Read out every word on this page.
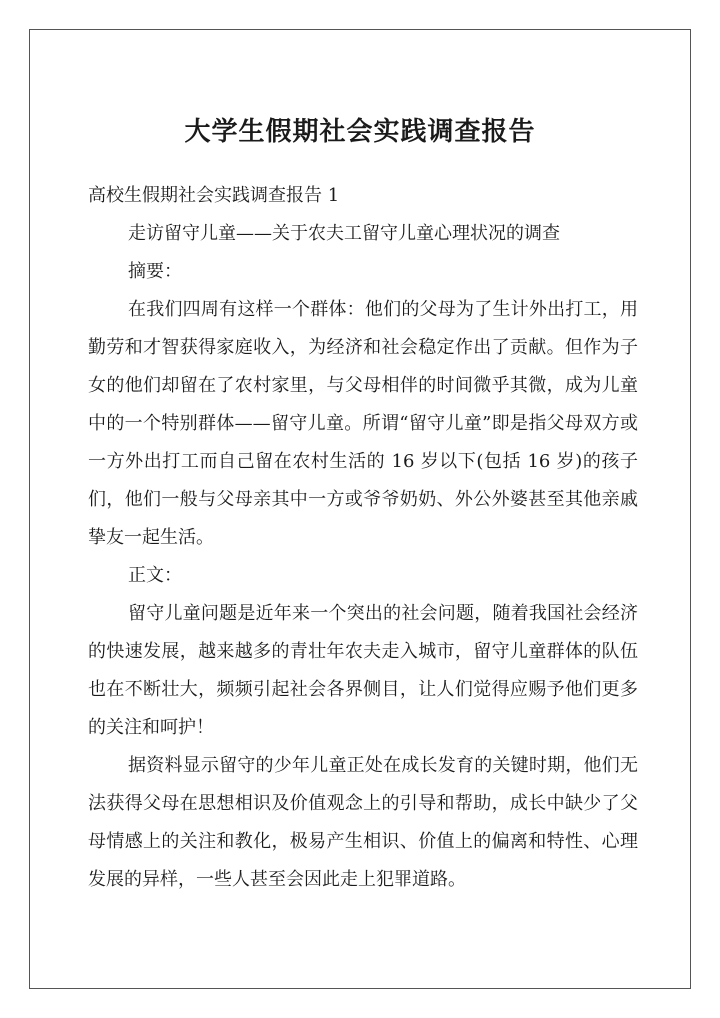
大学生假期社会实践调查报告

高校生假期社会实践调查报告 1

走访留守儿童——关于农夫工留守儿童心理状况的调查

摘要：

在我们四周有这样一个群体：他们的父母为了生计外出打工，用勤劳和才智获得家庭收入，为经济和社会稳定作出了贡献。但作为子女的他们却留在了农村家里，与父母相伴的时间微乎其微，成为儿童中的一个特别群体——留守儿童。所谓“留守儿童”即是指父母双方或一方外出打工而自己留在农村生活的 16 岁以下(包括 16 岁)的孩子们，他们一般与父母亲其中一方或爷爷奶奶、外公外婆甚至其他亲戚挚友一起生活。

正文：

留守儿童问题是近年来一个突出的社会问题，随着我国社会经济的快速发展，越来越多的青壮年农夫走入城市，留守儿童群体的队伍也在不断壮大，频频引起社会各界侧目，让人们觉得应赐予他们更多的关注和呵护！

据资料显示留守的少年儿童正处在成长发育的关键时期，他们无法获得父母在思想相识及价值观念上的引导和帮助，成长中缺少了父母情感上的关注和教化，极易产生相识、价值上的偏离和特性、心理发展的异样，一些人甚至会因此走上犯罪道路。
